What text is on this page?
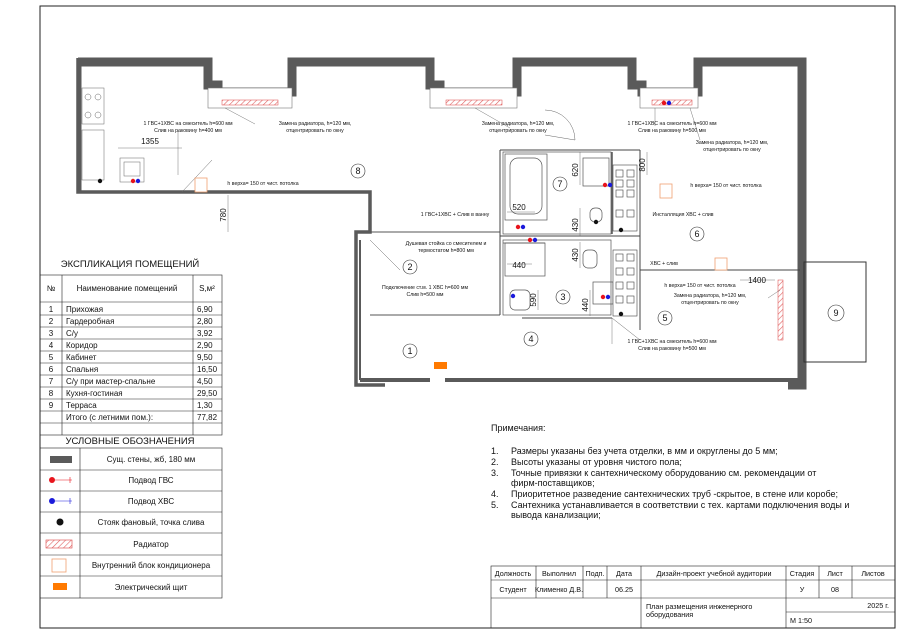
1355
780
520
620	800
430
440
430
590	440
1400
1
2
3
4
5
6
7
8
9
1 ГВС+1ХВС на смеситель h=600 мм
Слив на раковину h=400 мм
Замена радиатора, h=120 мм,
отцентрировать по окну
Замена радиатора, h=120 мм,
отцентрировать по окну
1 ГВС+1ХВС на смеситель h=600 мм
Слив на раковину h=500 мм
Замена радиатора, h=120 мм,
отцентрировать по окну
h верха= 150 от чист. потолка	h верха= 150 от чист. потолка
1 ГВС+1ХВС + Слив в ванну	Инсталляция ХВС + слив
Душевая стойка со смесителем и
термостатом h=800 мм
Подключение ст.м. 1 ХВС h=600 мм
Слив h=500 мм
ХВС + слив
h верха= 150 от чист. потолка
Замена радиатора, h=120 мм,
отцентрировать по окну
1 ГВС+1ХВС на смеситель h=600 мм
Слив на раковину h=500 мм
ЭКСПЛИКАЦИЯ ПОМЕЩЕНИЙ
№	Наименование помещений	S,м²
1 Прихожая	6,90
2 Гардеробная	2,80
3 С/у	3,92
4 Коридор	2,90
5 Кабинет	9,50
6 Спальня	16,50
7 С/у при мастер-спальне	4,50
8 Кухня-гостиная	29,50
9 Терраса	1,30
Итого (с летними пом.):	77,82
УСЛОВНЫЕ ОБОЗНАЧЕНИЯ
Сущ. стены, жб, 180 мм
Подвод ГВС
Подвод ХВС
Стояк фановый, точка слива
Радиатор
Внутренний блок кондиционера
Электрический щит
Примечания:
1. Размеры указаны без учета отделки, в мм и округлены до 5 мм;
2. Высоты указаны от уровня чистого пола;
3. Точные привязки к сантехническому оборудованию см. рекомендации от
фирм-поставщиков;
4. Приоритетное разведение сантехнических труб -скрытое, в стене или коробе;
5. Сантехника устанавливается в соответствии с тех. картами подключения воды и
вывода канализации;
Должность Выполнил Подп. Дата	Дизайн-проект учебной аудитории	Стадия Лист	Листов
Студент Клименко Д.В.	06.25	У	08
План размещения инженерного
оборудования
2025 г.
М 1:50
